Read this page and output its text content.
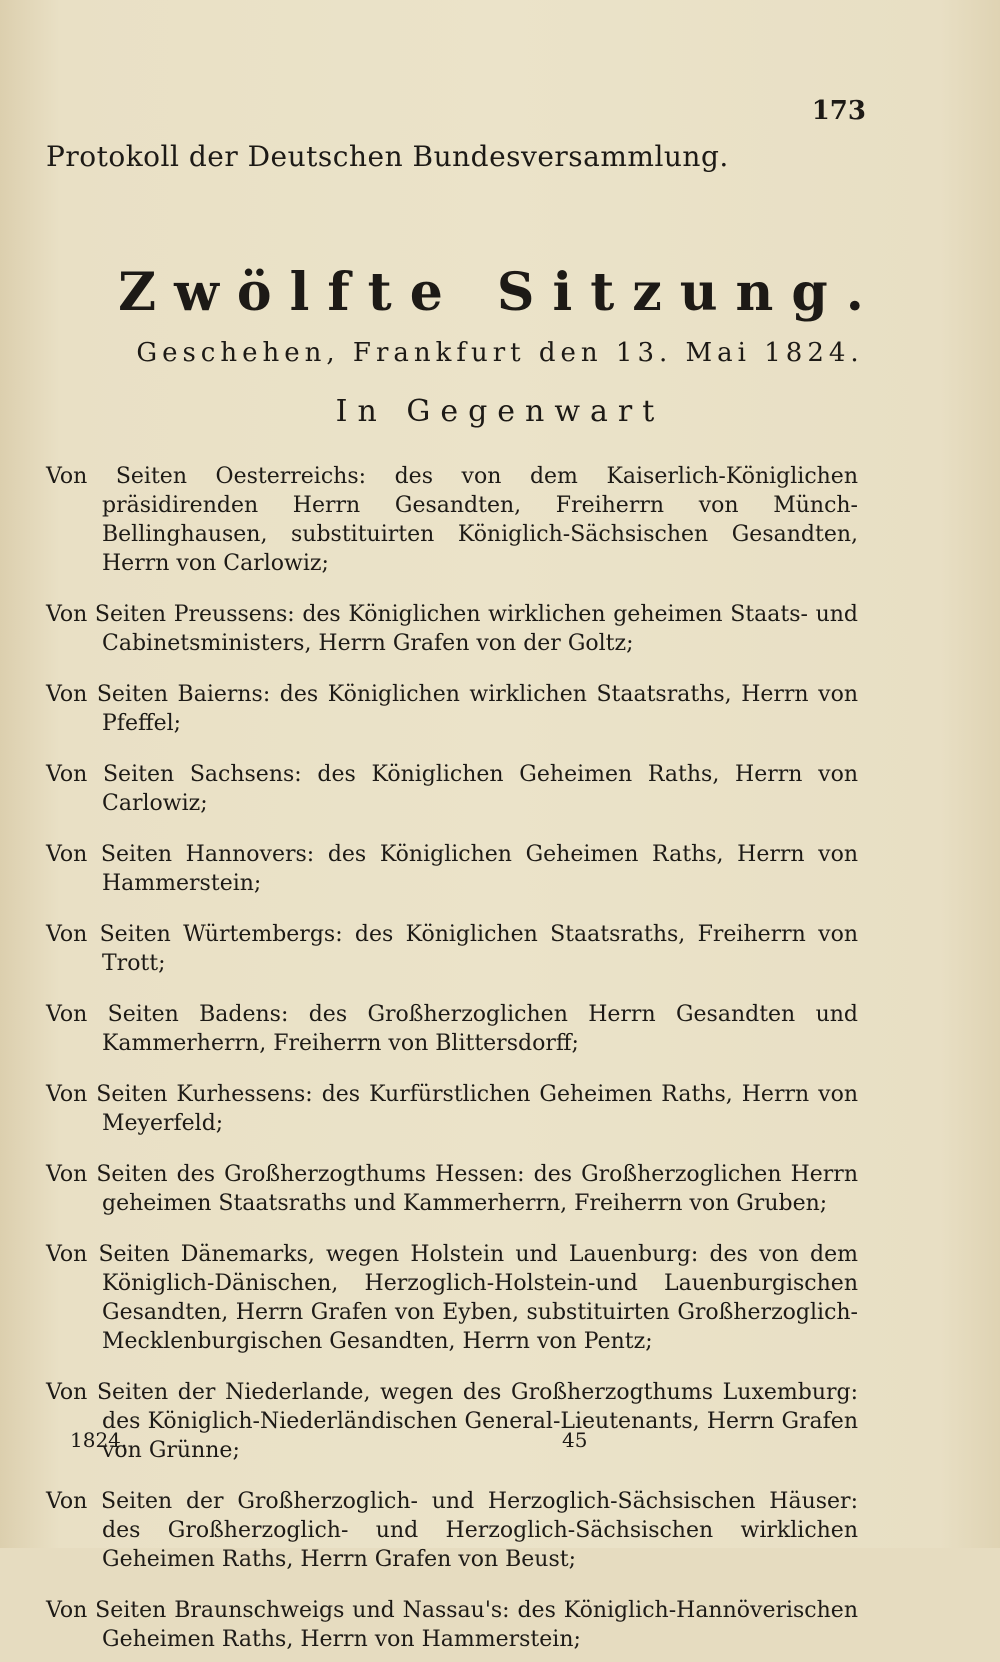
173
Protokoll der Deutschen Bundesversammlung.
Zwölfte Sitzung.
Geschehen, Frankfurt den 13. Mai 1824.
In Gegenwart

Von Seiten Oesterreichs: des von dem Kaiserlich-Königlichen präsidirenden Herrn Gesandten, Freiherrn von Münch-Bellinghausen, substituirten Königlich-Sächsischen Gesandten, Herrn von Carlowiz;

Von Seiten Preussens: des Königlichen wirklichen geheimen Staats- und Cabinetsministers, Herrn Grafen von der Goltz;

Von Seiten Baierns: des Königlichen wirklichen Staatsraths, Herrn von Pfeffel;

Von Seiten Sachsens: des Königlichen Geheimen Raths, Herrn von Carlowiz;

Von Seiten Hannovers: des Königlichen Geheimen Raths, Herrn von Hammerstein;

Von Seiten Würtembergs: des Königlichen Staatsraths, Freiherrn von Trott;

Von Seiten Badens: des Großherzoglichen Herrn Gesandten und Kammerherrn, Freiherrn von Blittersdorff;

Von Seiten Kurhessens: des Kurfürstlichen Geheimen Raths, Herrn von Meyerfeld;

Von Seiten des Großherzogthums Hessen: des Großherzoglichen Herrn geheimen Staatsraths und Kammerherrn, Freiherrn von Gruben;

Von Seiten Dänemarks, wegen Holstein und Lauenburg: des von dem Königlich-Dänischen, Herzoglich-Holstein-und Lauenburgischen Gesandten, Herrn Grafen von Eyben, substituirten Großherzoglich-Mecklenburgischen Gesandten, Herrn von Pentz;

Von Seiten der Niederlande, wegen des Großherzogthums Luxemburg: des Königlich-Niederländischen General-Lieutenants, Herrn Grafen von Grünne;

Von Seiten der Großherzoglich- und Herzoglich-Sächsischen Häuser: des Großherzoglich- und Herzoglich-Sächsischen wirklichen Geheimen Raths, Herrn Grafen von Beust;

Von Seiten Braunschweigs und Nassau's: des Königlich-Hannöverischen Geheimen Raths, Herrn von Hammerstein;

1824.	45
